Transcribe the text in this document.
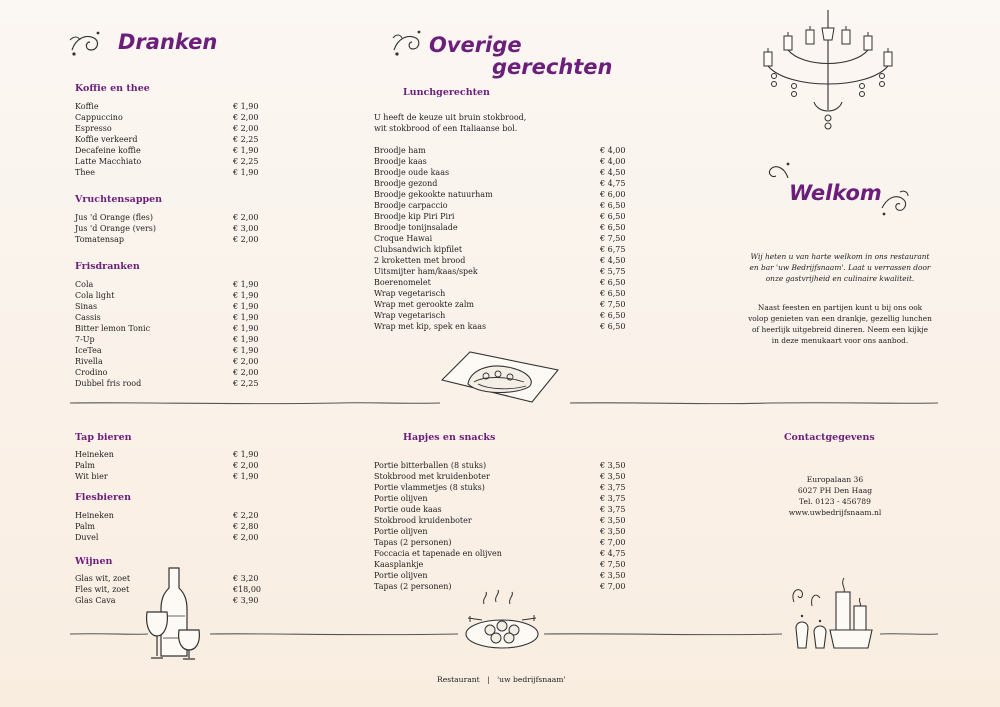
Dranken
Koffie en thee
Koffie	€ 1,90
Cappuccino	€ 2,00
Espresso	€ 2,00
Koffie verkeerd	€ 2,25
Decafeine koffie	€ 1,90
Latte Macchiato	€ 2,25
Thee	€ 1,90
Vruchtensappen
Jus 'd Orange (fles)	€ 2,00
Jus 'd Orange (vers)	€ 3,00
Tomatensap	€ 2,00
Frisdranken
Cola	€ 1,90
Cola light	€ 1,90
Sinas	€ 1,90
Cassis	€ 1,90
Bitter lemon Tonic	€ 1,90
7-Up	€ 1,90
IceTea	€ 1,90
Rivella	€ 2,00
Crodino	€ 2,00
Dubbel fris rood	€ 2,25
Tap bieren
Heineken	€ 1,90
Palm	€ 2,00
Wit bier	€ 1,90
Flesbieren
Heineken	€ 2,20
Palm	€ 2,80
Duvel	€ 2,00
Wijnen
Glas wit, zoet	€ 3,20
Fles wit, zoet	€18,00
Glas Cava	€ 3,90
Overige
gerechten
Lunchgerechten
U heeft de keuze uit bruin stokbrood,
wit stokbrood of een Italiaanse bol.
Broodje ham	€ 4,00
Broodje kaas	€ 4,00
Broodje oude kaas	€ 4,50
Broodje gezond	€ 4,75
Broodje gekookte natuurham	€ 6,00
Broodje carpaccio	€ 6,50
Broodje kip Piri Piri	€ 6,50
Broodje tonijnsalade	€ 6,50
Croque Hawai	€ 7,50
Clubsandwich kipfilet	€ 6,75
2 kroketten met brood	€ 4,50
Uitsmijter ham/kaas/spek	€ 5,75
Boerenomelet	€ 6,50
Wrap vegetarisch	€ 6,50
Wrap met gerookte zalm	€ 7,50
Wrap vegetarisch	€ 6,50
Wrap met kip, spek en kaas	€ 6,50
Hapjes en snacks
Portie bitterballen (8 stuks)	€ 3,50
Stokbrood met kruidenboter	€ 3,50
Portie vlammetjes (8 stuks)	€ 3,75
Portie olijven	€ 3,75
Portie oude kaas	€ 3,75
Stokbrood kruidenboter	€ 3,50
Portie olijven	€ 3,50
Tapas (2 personen)	€ 7,00
Foccacia et tapenade en olijven	€ 4,75
Kaasplankje	€ 7,50
Portie olijven	€ 3,50
Tapas (2 personen)	€ 7,00
Welkom
Wij heten u van harte welkom in ons restaurant
en bar 'uw Bedrijfsnaam'. Laat u verrassen door
onze gastvrijheid en culinaire kwaliteit.
Naast feesten en partijen kunt u bij ons ook
volop genieten van een drankje, gezellig lunchen
of heerlijk uitgebreid dineren. Neem een kijkje
in deze menukaart voor ons aanbod.
Contactgegevens
Europalaan 36
6027 PH Den Haag
Tel. 0123 - 456789
www.uwbedrijfsnaam.nl
Restaurant | 'uw bedrijfsnaam'
